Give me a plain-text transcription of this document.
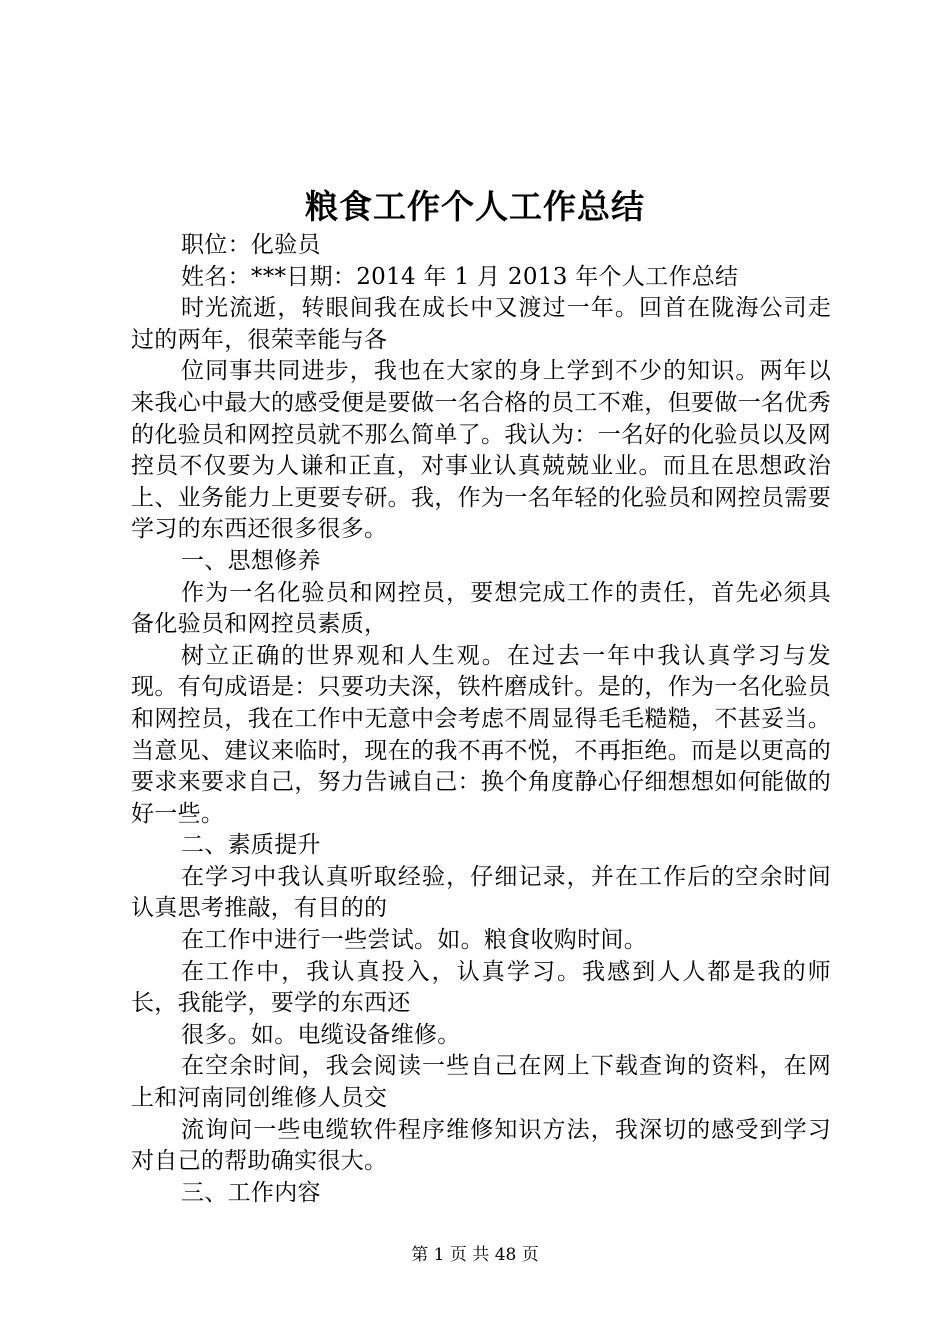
粮食工作个人工作总结

职位：化验员

姓名：***日期：2014 年 1 月 2013 年个人工作总结

时光流逝，转眼间我在成长中又渡过一年。回首在陇海公司走过的两年，很荣幸能与各

位同事共同进步，我也在大家的身上学到不少的知识。两年以来我心中最大的感受便是要做一名合格的员工不难，但要做一名优秀的化验员和网控员就不那么简单了。我认为：一名好的化验员以及网控员不仅要为人谦和正直，对事业认真兢兢业业。而且在思想政治上、业务能力上更要专研。我，作为一名年轻的化验员和网控员需要学习的东西还很多很多。

一、思想修养

作为一名化验员和网控员，要想完成工作的责任，首先必须具备化验员和网控员素质，

树立正确的世界观和人生观。在过去一年中我认真学习与发现。有句成语是：只要功夫深，铁杵磨成针。是的，作为一名化验员和网控员，我在工作中无意中会考虑不周显得毛毛糙糙，不甚妥当。当意见、建议来临时，现在的我不再不悦，不再拒绝。而是以更高的要求来要求自己，努力告诫自己：换个角度静心仔细想想如何能做的好一些。

二、素质提升

在学习中我认真听取经验，仔细记录，并在工作后的空余时间认真思考推敲，有目的的

在工作中进行一些尝试。如。粮食收购时间。

在工作中，我认真投入，认真学习。我感到人人都是我的师长，我能学，要学的东西还

很多。如。电缆设备维修。

在空余时间，我会阅读一些自己在网上下载查询的资料，在网上和河南同创维修人员交

流询问一些电缆软件程序维修知识方法，我深切的感受到学习对自己的帮助确实很大。

三、工作内容

第 1 页 共 48 页
